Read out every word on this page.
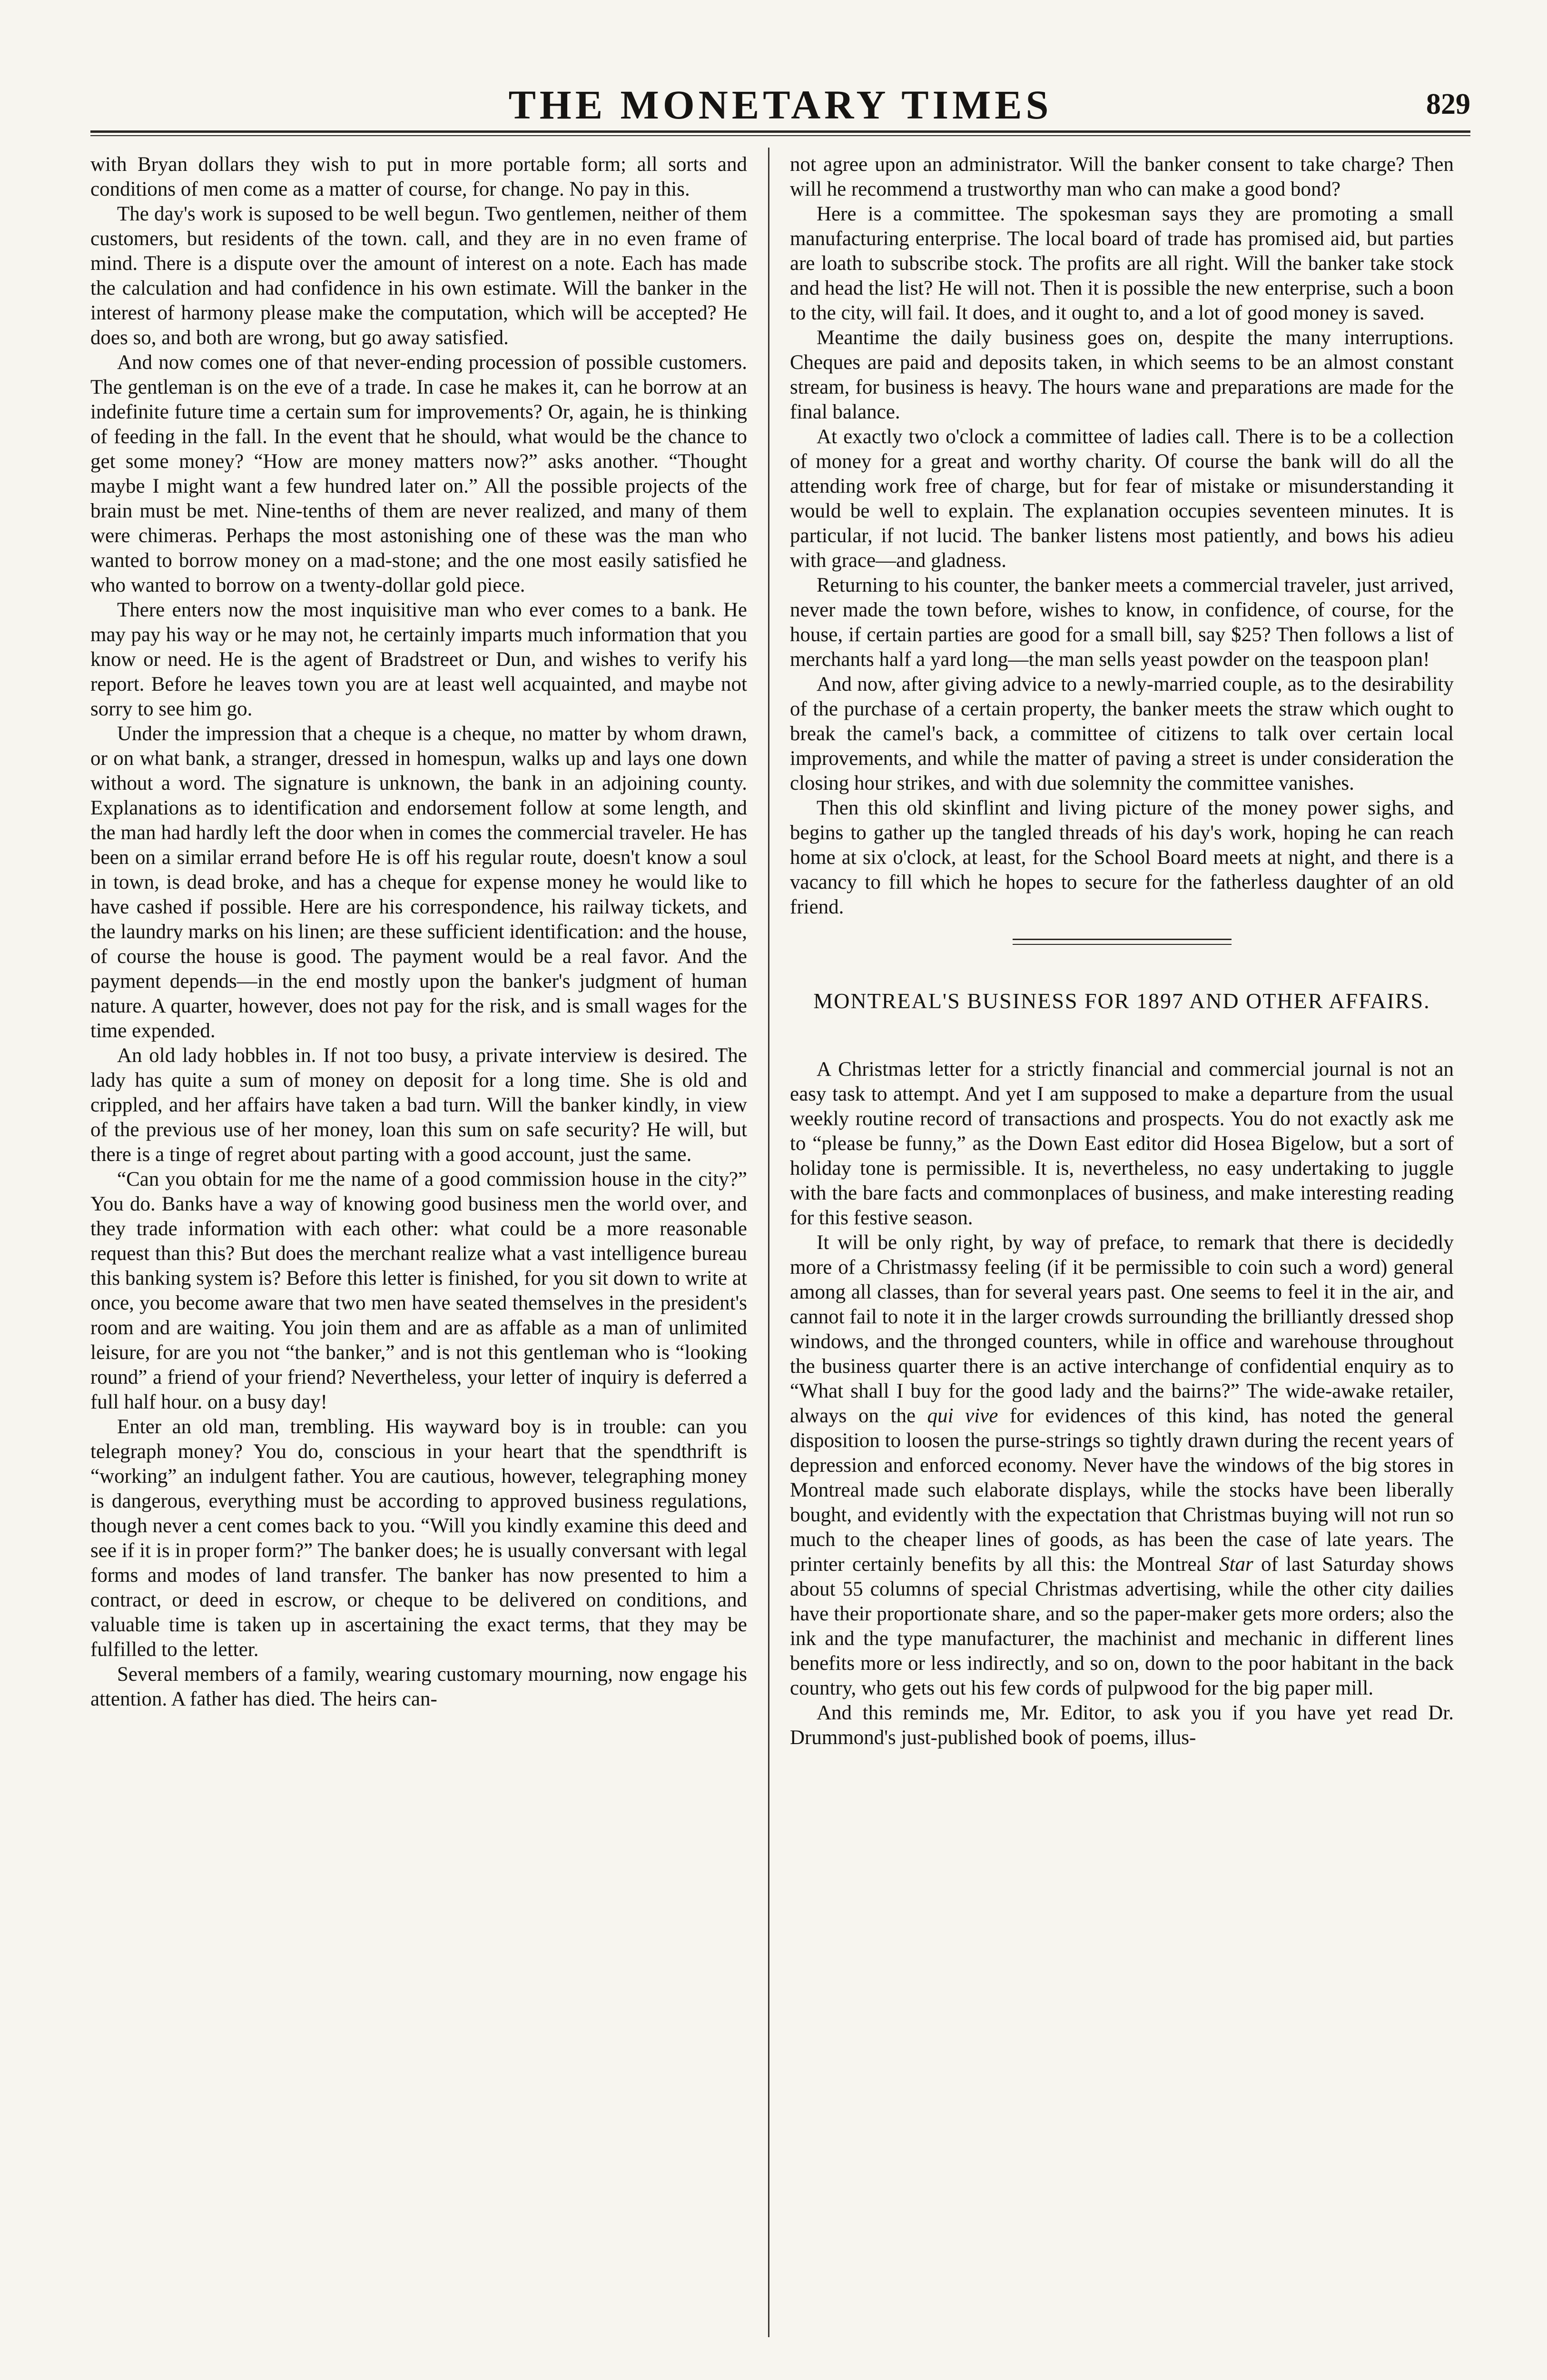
THE MONETARY TIMES	829

with Bryan dollars they wish to put in more portable form; all sorts and conditions of men come as a matter of course, for change. No pay in this.

The day's work is suposed to be well begun. Two gentlemen, neither of them customers, but residents of the town. call, and they are in no even frame of mind. There is a dispute over the amount of interest on a note. Each has made the calculation and had confidence in his own estimate. Will the banker in the interest of harmony please make the computation, which will be accepted? He does so, and both are wrong, but go away satisfied.

And now comes one of that never-ending procession of possible customers. The gentleman is on the eve of a trade. In case he makes it, can he borrow at an indefinite future time a certain sum for improvements? Or, again, he is thinking of feeding in the fall. In the event that he should, what would be the chance to get some money? “How are money matters now?” asks another. “Thought maybe I might want a few hundred later on.” All the possible projects of the brain must be met. Nine-tenths of them are never realized, and many of them were chimeras. Perhaps the most astonishing one of these was the man who wanted to borrow money on a mad-stone; and the one most easily satisfied he who wanted to borrow on a twenty-dollar gold piece.

There enters now the most inquisitive man who ever comes to a bank. He may pay his way or he may not, he certainly imparts much information that you know or need. He is the agent of Bradstreet or Dun, and wishes to verify his report. Before he leaves town you are at least well acquainted, and maybe not sorry to see him go.

Under the impression that a cheque is a cheque, no matter by whom drawn, or on what bank, a stranger, dressed in homespun, walks up and lays one down without a word. The signature is unknown, the bank in an adjoining county. Explanations as to identification and endorsement follow at some length, and the man had hardly left the door when in comes the commercial traveler. He has been on a similar errand before He is off his regular route, doesn't know a soul in town, is dead broke, and has a cheque for expense money he would like to have cashed if possible. Here are his correspondence, his railway tickets, and the laundry marks on his linen; are these sufficient identification: and the house, of course the house is good. The payment would be a real favor. And the payment depends—in the end mostly upon the banker's judgment of human nature. A quarter, however, does not pay for the risk, and is small wages for the time expended.

An old lady hobbles in. If not too busy, a private interview is desired. The lady has quite a sum of money on deposit for a long time. She is old and crippled, and her affairs have taken a bad turn. Will the banker kindly, in view of the previous use of her money, loan this sum on safe security? He will, but there is a tinge of regret about parting with a good account, just the same.

“Can you obtain for me the name of a good commission house in the city?” You do. Banks have a way of knowing good business men the world over, and they trade information with each other: what could be a more reasonable request than this? But does the merchant realize what a vast intelligence bureau this banking system is? Before this letter is finished, for you sit down to write at once, you become aware that two men have seated themselves in the president's room and are waiting. You join them and are as affable as a man of unlimited leisure, for are you not “the banker,” and is not this gentleman who is “looking round” a friend of your friend? Nevertheless, your letter of inquiry is deferred a full half hour. on a busy day!

Enter an old man, trembling. His wayward boy is in trouble: can you telegraph money? You do, conscious in your heart that the spendthrift is “working” an indulgent father. You are cautious, however, telegraphing money is dangerous, everything must be according to approved business regulations, though never a cent comes back to you. “Will you kindly examine this deed and see if it is in proper form?” The banker does; he is usually conversant with legal forms and modes of land transfer. The banker has now presented to him a contract, or deed in escrow, or cheque to be delivered on conditions, and valuable time is taken up in ascertaining the exact terms, that they may be fulfilled to the letter.

Several members of a family, wearing customary mourning, now engage his attention. A father has died. The heirs can-

not agree upon an administrator. Will the banker consent to take charge? Then will he recommend a trustworthy man who can make a good bond?

Here is a committee. The spokesman says they are promoting a small manufacturing enterprise. The local board of trade has promised aid, but parties are loath to subscribe stock. The profits are all right. Will the banker take stock and head the list? He will not. Then it is possible the new enterprise, such a boon to the city, will fail. It does, and it ought to, and a lot of good money is saved.

Meantime the daily business goes on, despite the many interruptions. Cheques are paid and deposits taken, in which seems to be an almost constant stream, for business is heavy. The hours wane and preparations are made for the final balance.

At exactly two o'clock a committee of ladies call. There is to be a collection of money for a great and worthy charity. Of course the bank will do all the attending work free of charge, but for fear of mistake or misunderstanding it would be well to explain. The explanation occupies seventeen minutes. It is particular, if not lucid. The banker listens most patiently, and bows his adieu with grace—and gladness.

Returning to his counter, the banker meets a commercial traveler, just arrived, never made the town before, wishes to know, in confidence, of course, for the house, if certain parties are good for a small bill, say $25? Then follows a list of merchants half a yard long—the man sells yeast powder on the teaspoon plan!

And now, after giving advice to a newly-married couple, as to the desirability of the purchase of a certain property, the banker meets the straw which ought to break the camel's back, a committee of citizens to talk over certain local improvements, and while the matter of paving a street is under consideration the closing hour strikes, and with due solemnity the committee vanishes.

Then this old skinflint and living picture of the money power sighs, and begins to gather up the tangled threads of his day's work, hoping he can reach home at six o'clock, at least, for the School Board meets at night, and there is a vacancy to fill which he hopes to secure for the fatherless daughter of an old friend.

MONTREAL'S BUSINESS FOR 1897 AND OTHER AFFAIRS.

A Christmas letter for a strictly financial and commercial journal is not an easy task to attempt. And yet I am supposed to make a departure from the usual weekly routine record of transactions and prospects. You do not exactly ask me to “please be funny,” as the Down East editor did Hosea Bigelow, but a sort of holiday tone is permissible. It is, nevertheless, no easy undertaking to juggle with the bare facts and commonplaces of business, and make interesting reading for this festive season.

It will be only right, by way of preface, to remark that there is decidedly more of a Christmassy feeling (if it be permissible to coin such a word) general among all classes, than for several years past. One seems to feel it in the air, and cannot fail to note it in the larger crowds surrounding the brilliantly dressed shop windows, and the thronged counters, while in office and warehouse throughout the business quarter there is an active interchange of confidential enquiry as to “What shall I buy for the good lady and the bairns?” The wide-awake retailer, always on the qui vive for evidences of this kind, has noted the general disposition to loosen the purse-strings so tightly drawn during the recent years of depression and enforced economy. Never have the windows of the big stores in Montreal made such elaborate displays, while the stocks have been liberally bought, and evidently with the expectation that Christmas buying will not run so much to the cheaper lines of goods, as has been the case of late years. The printer certainly benefits by all this: the Montreal Star of last Saturday shows about 55 columns of special Christmas advertising, while the other city dailies have their proportionate share, and so the paper-maker gets more orders; also the ink and the type manufacturer, the machinist and mechanic in different lines benefits more or less indirectly, and so on, down to the poor habitant in the back country, who gets out his few cords of pulpwood for the big paper mill.

And this reminds me, Mr. Editor, to ask you if you have yet read Dr. Drummond's just-published book of poems, illus-
